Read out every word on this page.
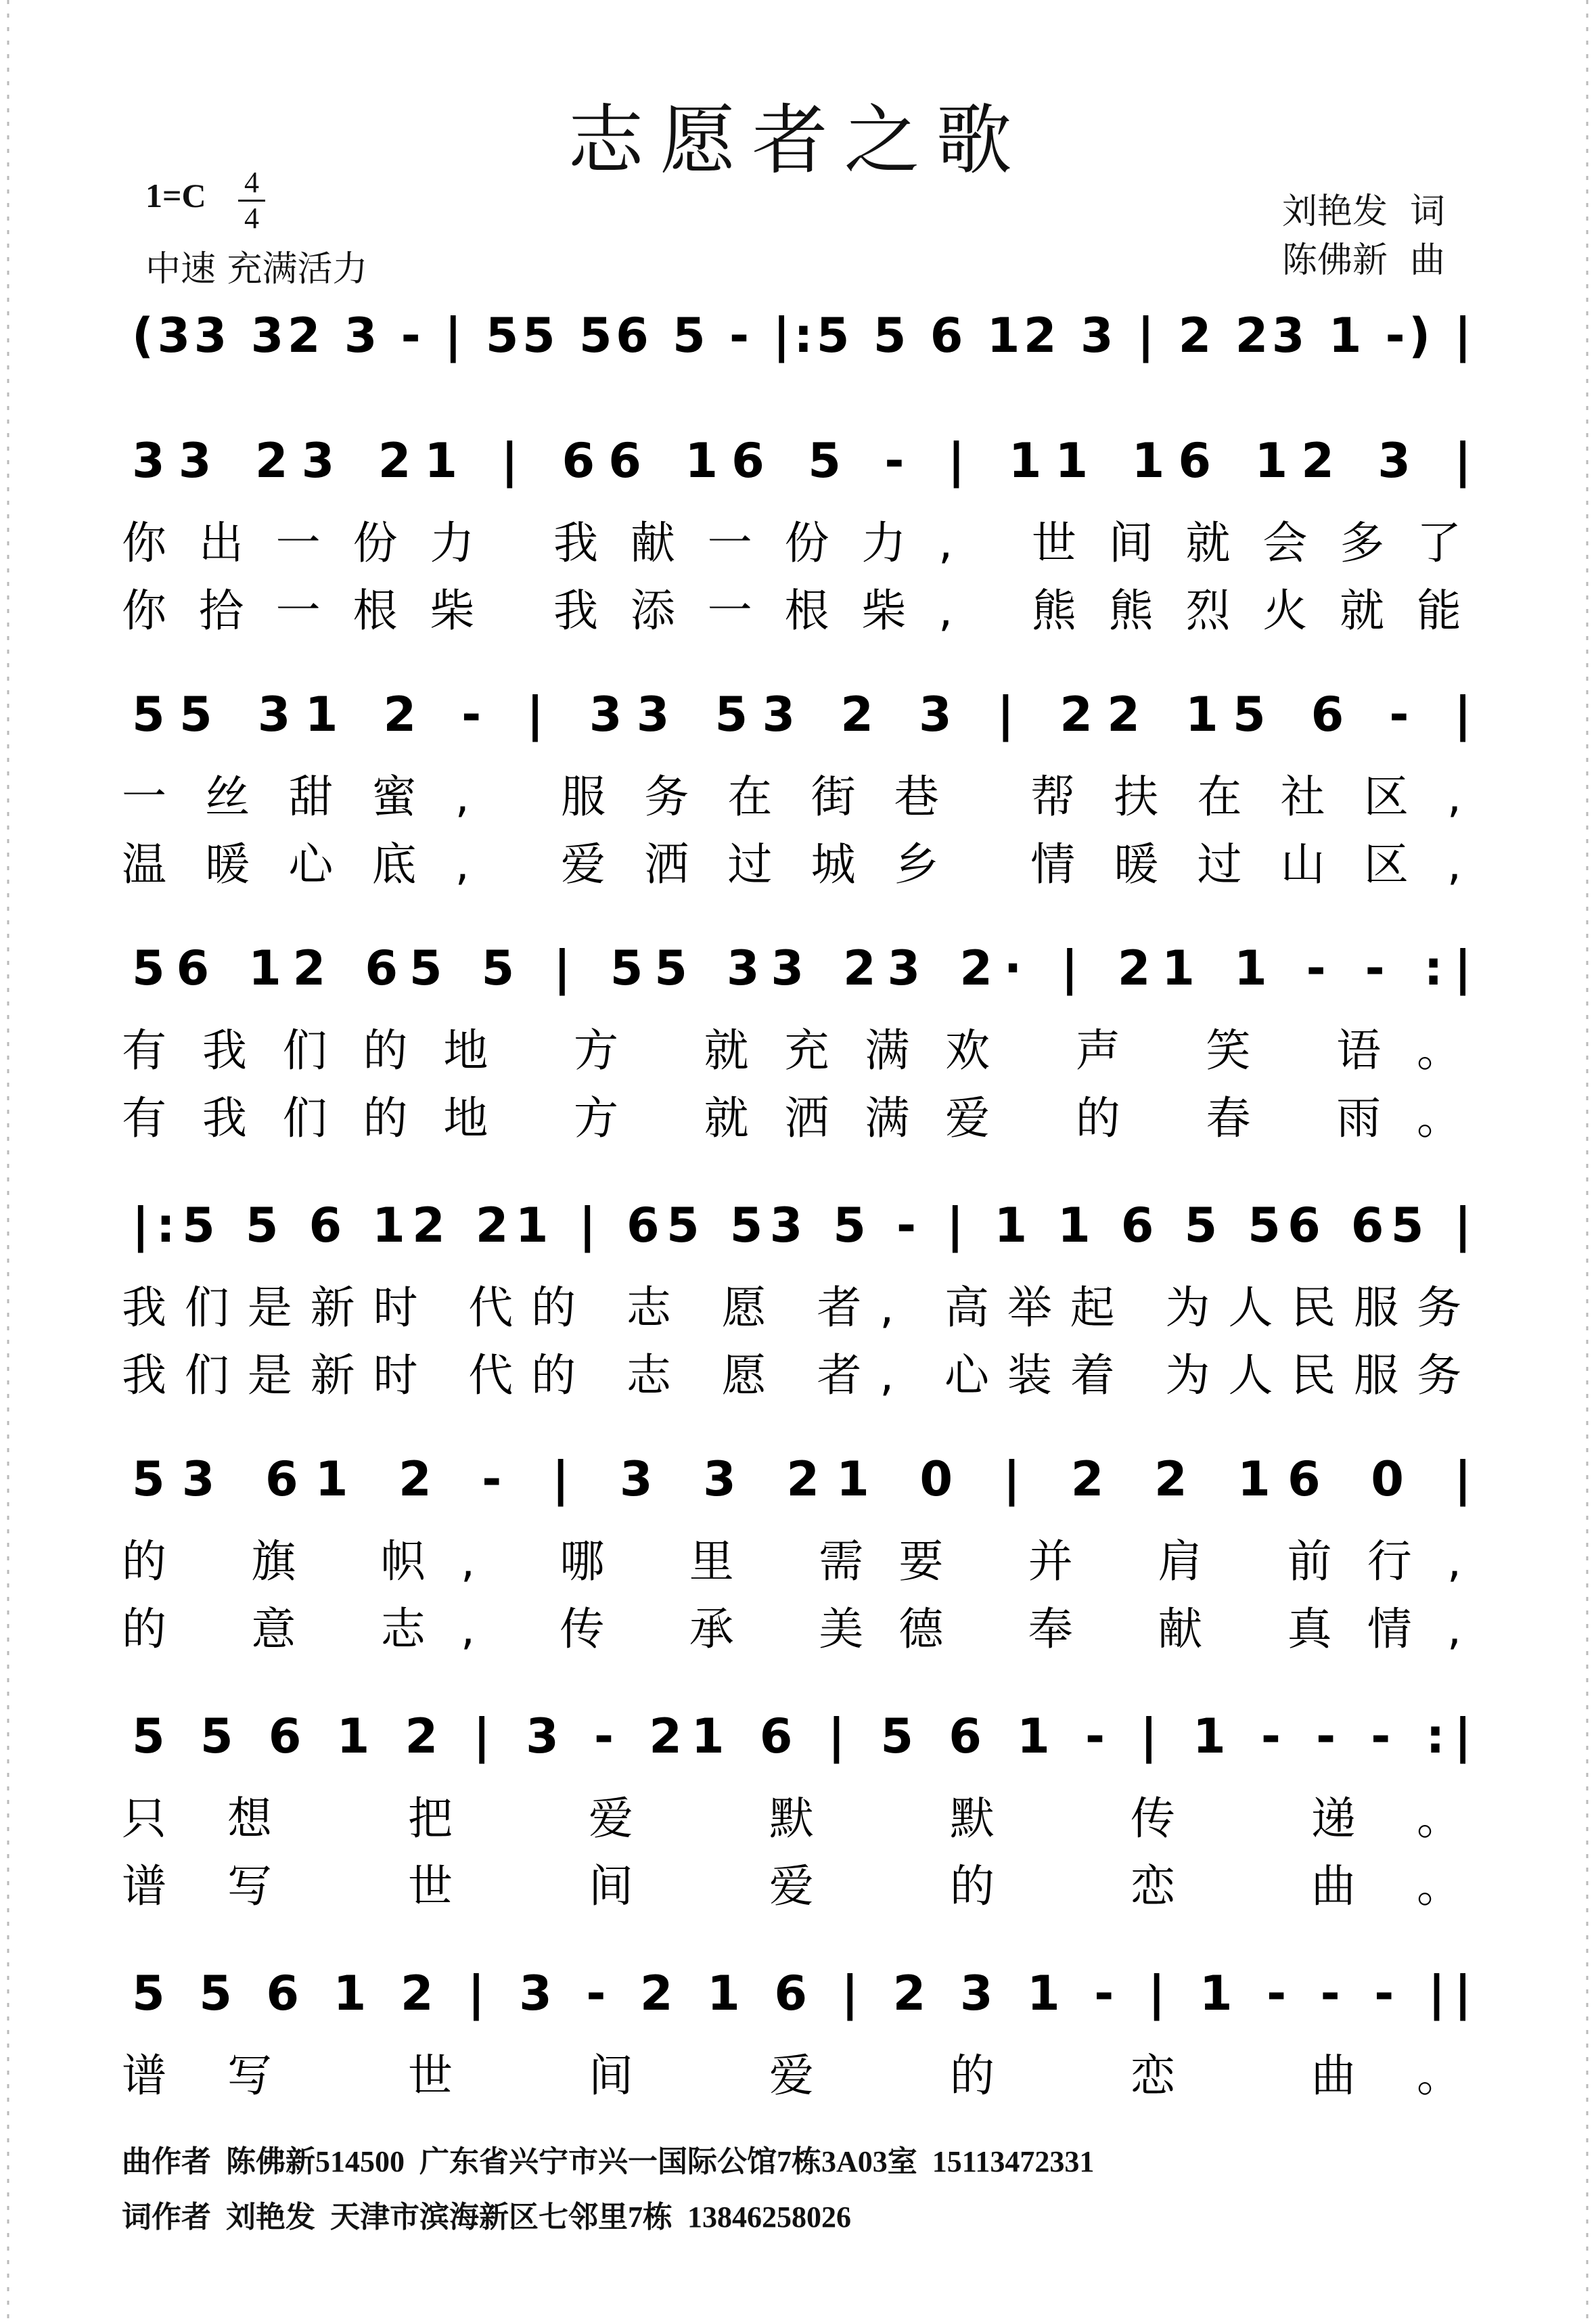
志愿者之歌
1=C 4
4
中速 充满活力
刘艳发  词
陈佛新  曲
(33 32 3 - | 55 56 5 - |:5 5 6 12 3 | 2 23 1 -) |
33 23 21 | 66 16 5 - | 11 16 12 3 |
你出一份力 我献一份力, 世间就会多了
你拾一根柴 我添一根柴, 熊熊烈火就能
55 31 2 - | 33 53 2 3 | 22 15 6 - |
一丝甜蜜, 服务在街巷 帮扶在社区,
温暖心底, 爱洒过城乡 情暖过山区,
56 12 65 5 | 55 33 23 2· | 21 1 - - :|
有我们的地 方 就充满欢 声 笑 语。
有我们的地 方 就洒满爱 的 春 雨。
|:5 5 6 12 21 | 65 53 5 - | 1 1 6 5 56 65 |
我们是新时 代的 志 愿 者, 高举起 为人民服务
我们是新时 代的 志 愿 者, 心装着 为人民服务
53 61 2 - | 3 3 21 0 | 2 2 16 0 |
的 旗 帜, 哪 里 需要 并 肩 前行,
的 意 志, 传 承 美德 奉 献 真情,
5 5 6 1 2 | 3 - 21 6 | 5 6 1 - | 1 - - - :|
只想 把 爱 默 默 传 递。
谱写 世 间 爱 的 恋 曲。
5 5 6 1 2 | 3 - 2 1 6 | 2 3 1 - | 1 - - - ||
谱写 世 间 爱 的 恋 曲。
曲作者  陈佛新514500  广东省兴宁市兴一国际公馆7栋3A03室  15113472331
词作者  刘艳发  天津市滨海新区七邻里7栋  13846258026
